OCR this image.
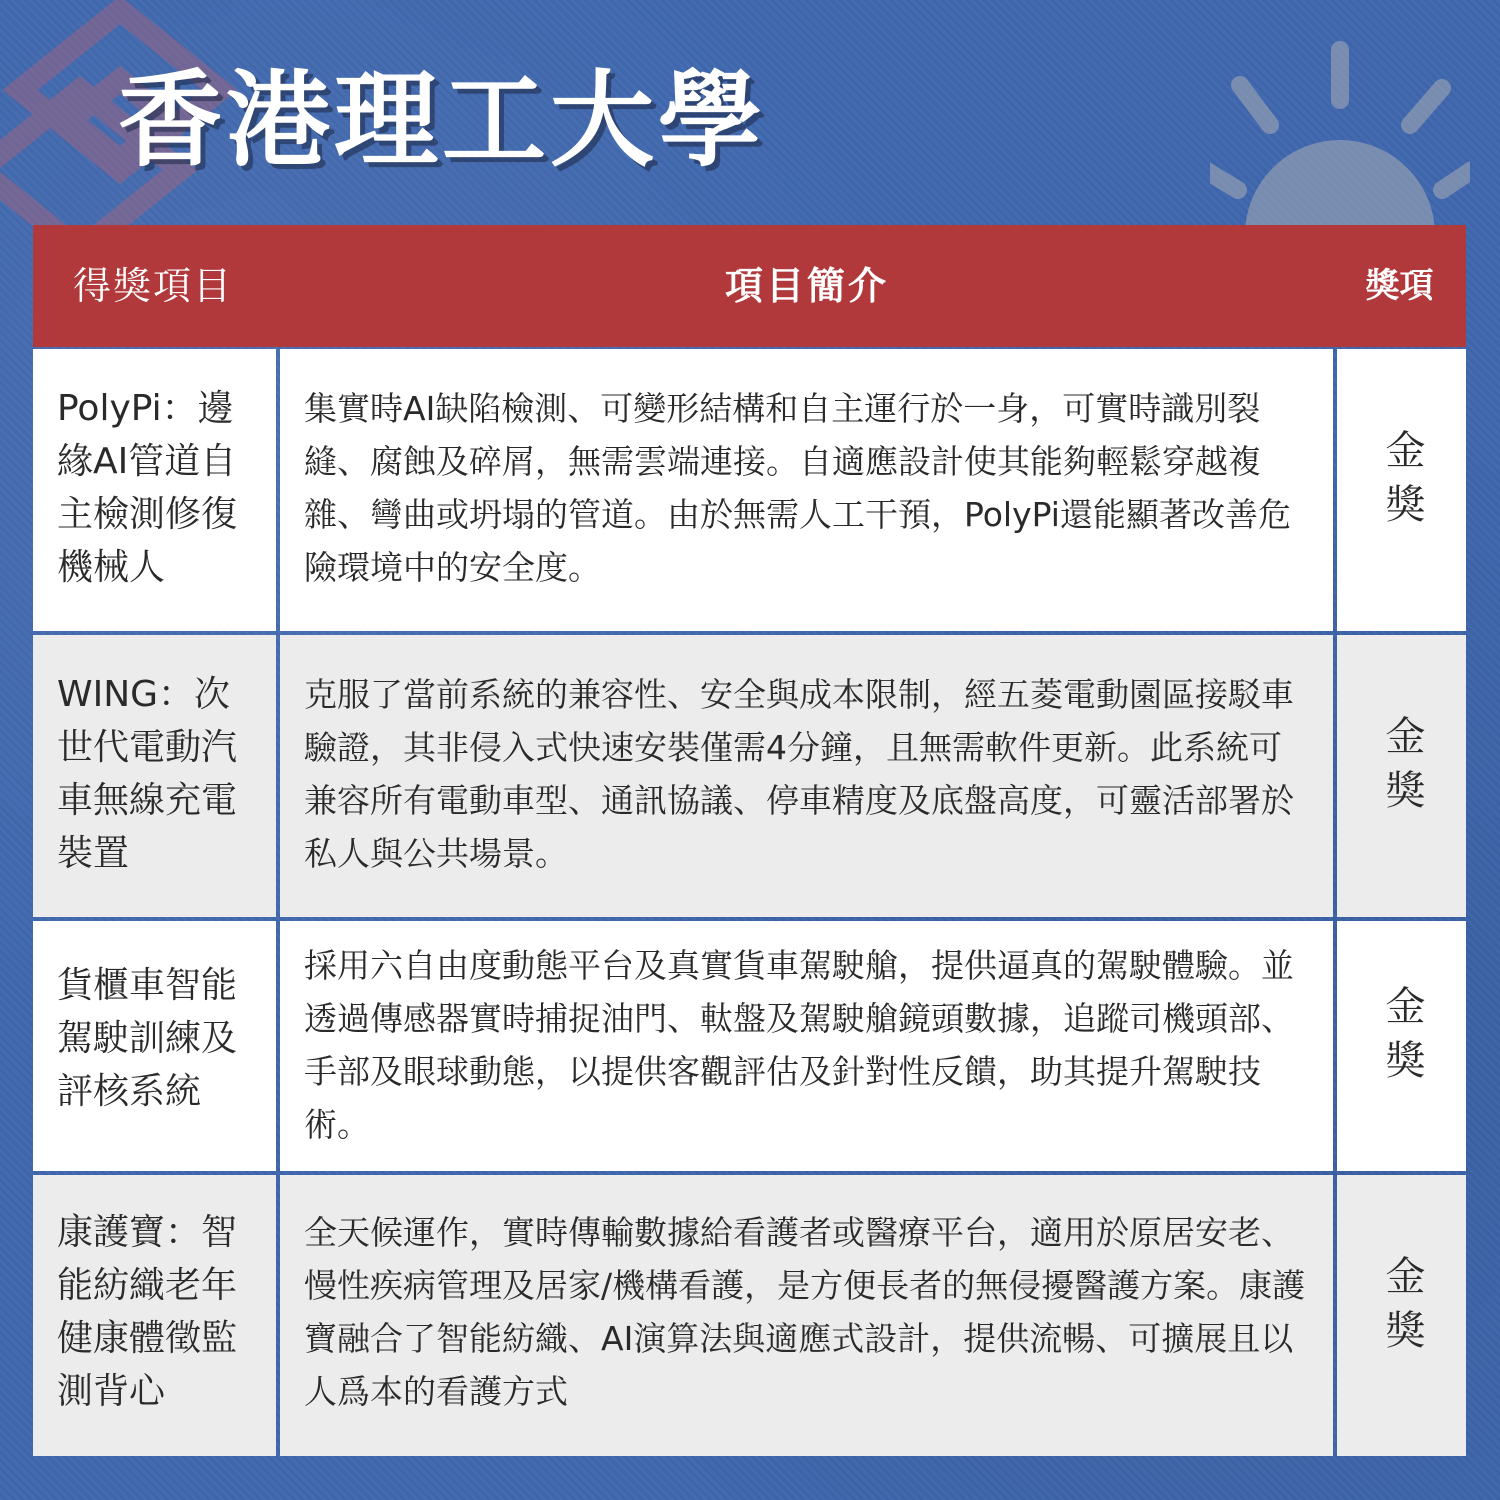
香港理工大學
得獎項目	項目簡介	獎項
PolyPi：邊緣AI管道自主檢測修復機械人
集實時AI缺陷檢測、可變形結構和自主運行於一身，可實時識別裂縫、腐蝕及碎屑，無需雲端連接。自適應設計使其能夠輕鬆穿越複雜、彎曲或坍塌的管道。由於無需人工干預，PolyPi還能顯著改善危險環境中的安全度。
金獎
WING：次世代電動汽車無線充電裝置
克服了當前系統的兼容性、安全與成本限制，經五菱電動園區接駁車驗證，其非侵入式快速安裝僅需4分鐘，且無需軟件更新。此系統可兼容所有電動車型、通訊協議、停車精度及底盤高度，可靈活部署於私人與公共場景。
金獎
貨櫃車智能駕駛訓練及評核系統
採用六自由度動態平台及真實貨車駕駛艙，提供逼真的駕駛體驗。並透過傳感器實時捕捉油門、軚盤及駕駛艙鏡頭數據，追蹤司機頭部、手部及眼球動態，以提供客觀評估及針對性反饋，助其提升駕駛技術。
金獎
康護寶：智能紡織老年健康體徵監測背心
全天候運作，實時傳輸數據給看護者或醫療平台，適用於原居安老、慢性疾病管理及居家/機構看護，是方便長者的無侵擾醫護方案。康護寶融合了智能紡織、AI演算法與適應式設計，提供流暢、可擴展且以人爲本的看護方式
金獎
